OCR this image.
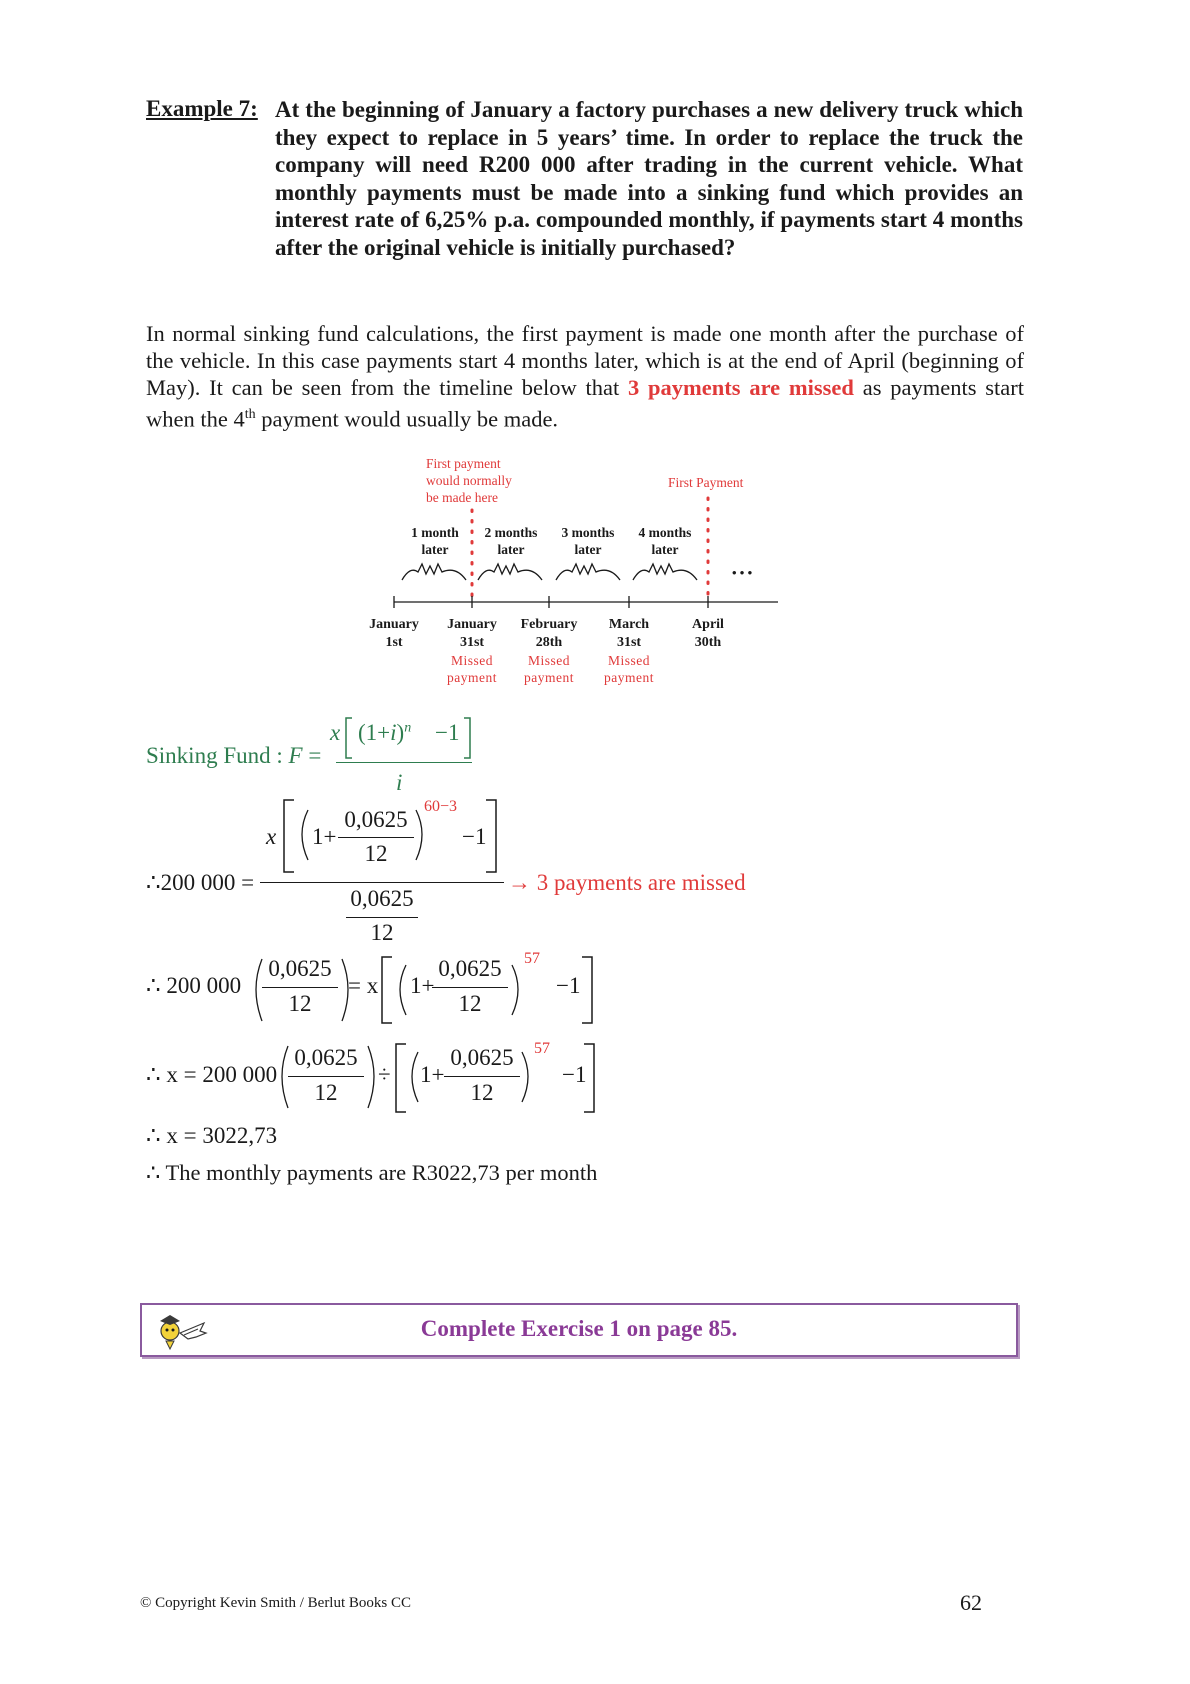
Example 7: At the beginning of January a factory purchases a new delivery truck which they expect to replace in 5 years’ time. In order to replace the truck the company will need R200 000 after trading in the current vehicle. What monthly payments must be made into a sinking fund which provides an interest rate of 6,25% p.a. compounded monthly, if payments start 4 months after the original vehicle is initially purchased?

In normal sinking fund calculations, the first payment is made one month after the purchase of the vehicle. In this case payments start 4 months later, which is at the end of April (beginning of May). It can be seen from the timeline below that 3 payments are missed as payments start when the 4th payment would usually be made.

First payment
would normally
be made here
First Payment
1 month
later
2 months
later
3 months
later
4 months
later
• • •
January
1st
January
31st
February
28th
March
31st
April
30th
Missed
payment
Missed
payment
Missed
payment
Sinking Fund : F =
x $(1+i)^n -1$
i
∴200 000 =
x 1+
0,0625
12
60−3
−1
0,0625
12
→ 3 payments are missed
∴ 200 000
0,0625
12
= x 1+
0,0625
12
57
−1
∴ x = 200 000
0,0625
12
÷ 1+
0,0625
12
57
−1
∴ x = 3022,73
∴ The monthly payments are R3022,73 per month
Complete Exercise 1 on page 85.
© Copyright Kevin Smith / Berlut Books CC	62
